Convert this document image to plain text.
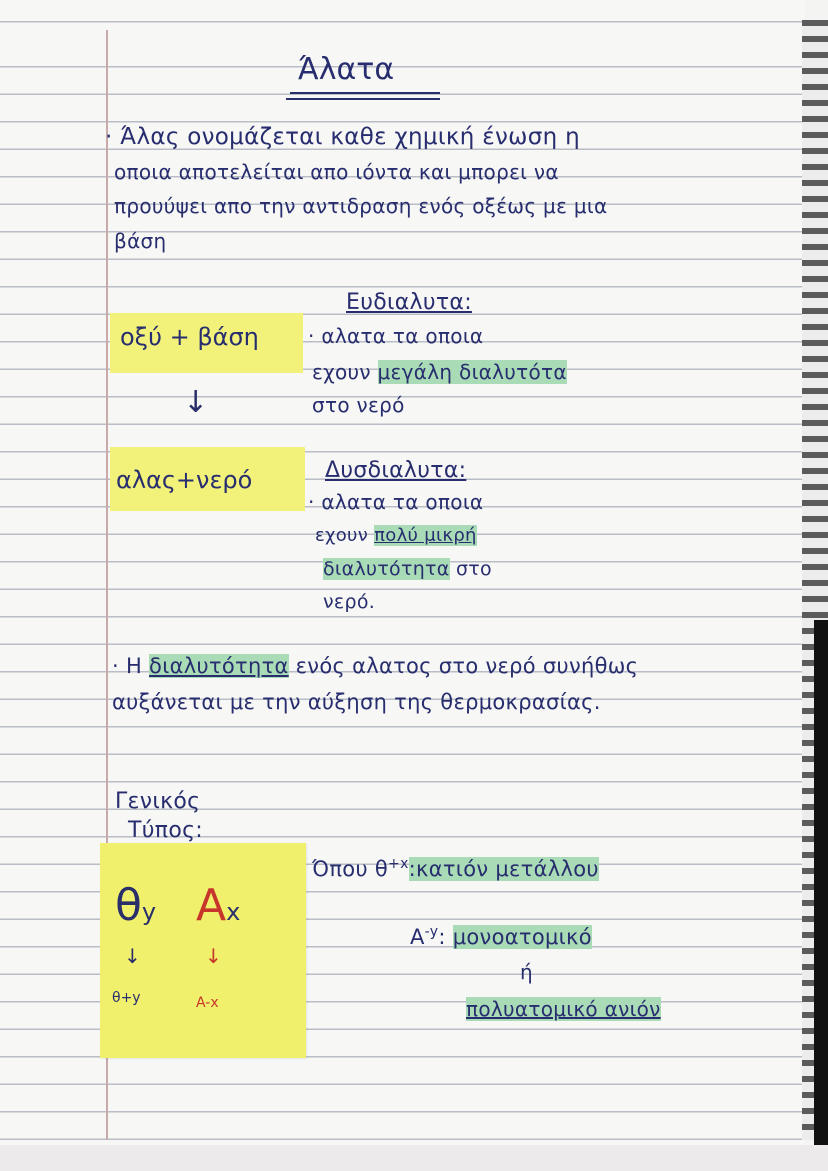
Άλατα
· Άλας ονομάζεται καθε χημική ένωση η
οποια αποτελείται απο ιόντα και μπορει να
προυύψει απο την αντιδραση ενός οξέως με μια
βάση
οξύ + βάση
↓
αλας+νερό
Ευδιαλυτα:
· αλατα τα οποια
εχουν μεγάλη διαλυτότα
στο νερό
Δυσδιαλυτα:
· αλατα τα οποια
εχουν πολύ μικρή
διαλυτότητα στο
νερό.
· Η διαλυτότητα ενός αλατος στο νερό συνήθως
αυξάνεται με την αύξηση της θερμοκρασίας.
Γενικός
Τύπος:
θy Ax
↓	↓
θ+y	A-x
Όπου $\theta^{+x}:\kappa\alpha\tau\iota ό\nu$ μετάλλου
$A^{-y}$: μονοατομικό
ή
πολυατομικό ανιόν
